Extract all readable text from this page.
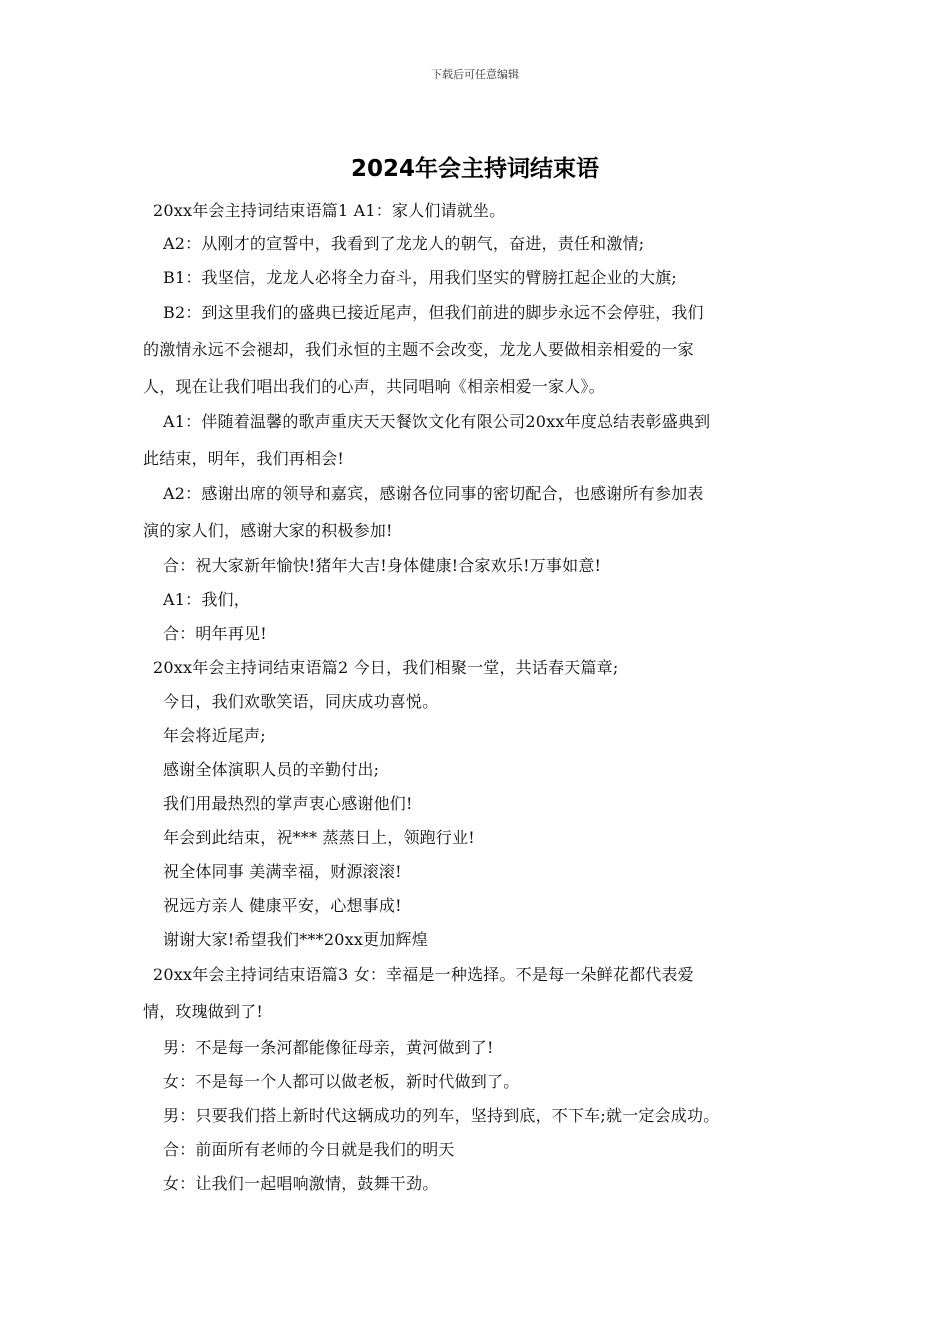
下载后可任意编辑
2024年会主持词结束语
20xx年会主持词结束语篇1 A1：家人们请就坐。
A2：从刚才的宣誓中，我看到了龙龙人的朝气，奋进，责任和激情;
B1：我坚信，龙龙人必将全力奋斗，用我们坚实的臂膀扛起企业的大旗;
B2：到这里我们的盛典已接近尾声，但我们前进的脚步永远不会停驻，我们
的激情永远不会褪却，我们永恒的主题不会改变，龙龙人要做相亲相爱的一家
人，现在让我们唱出我们的心声，共同唱响《相亲相爱一家人》。
A1：伴随着温馨的歌声重庆天天餐饮文化有限公司20xx年度总结表彰盛典到
此结束，明年，我们再相会!
A2：感谢出席的领导和嘉宾，感谢各位同事的密切配合，也感谢所有参加表
演的家人们，感谢大家的积极参加!
合：祝大家新年愉快!猪年大吉!身体健康!合家欢乐!万事如意!
A1：我们，
合：明年再见!
20xx年会主持词结束语篇2 今日，我们相聚一堂，共话春天篇章;
今日，我们欢歌笑语，同庆成功喜悦。
年会将近尾声;
感谢全体演职人员的辛勤付出;
我们用最热烈的掌声衷心感谢他们!
年会到此结束，祝*** 蒸蒸日上，领跑行业!
祝全体同事 美满幸福，财源滚滚!
祝远方亲人 健康平安，心想事成!
谢谢大家!希望我们***20xx更加辉煌
20xx年会主持词结束语篇3 女：幸福是一种选择。不是每一朵鲜花都代表爱
情，玫瑰做到了!
男：不是每一条河都能像征母亲，黄河做到了!
女：不是每一个人都可以做老板，新时代做到了。
男：只要我们搭上新时代这辆成功的列车，坚持到底，不下车;就一定会成功。
合：前面所有老师的今日就是我们的明天
女：让我们一起唱响激情，鼓舞干劲。
